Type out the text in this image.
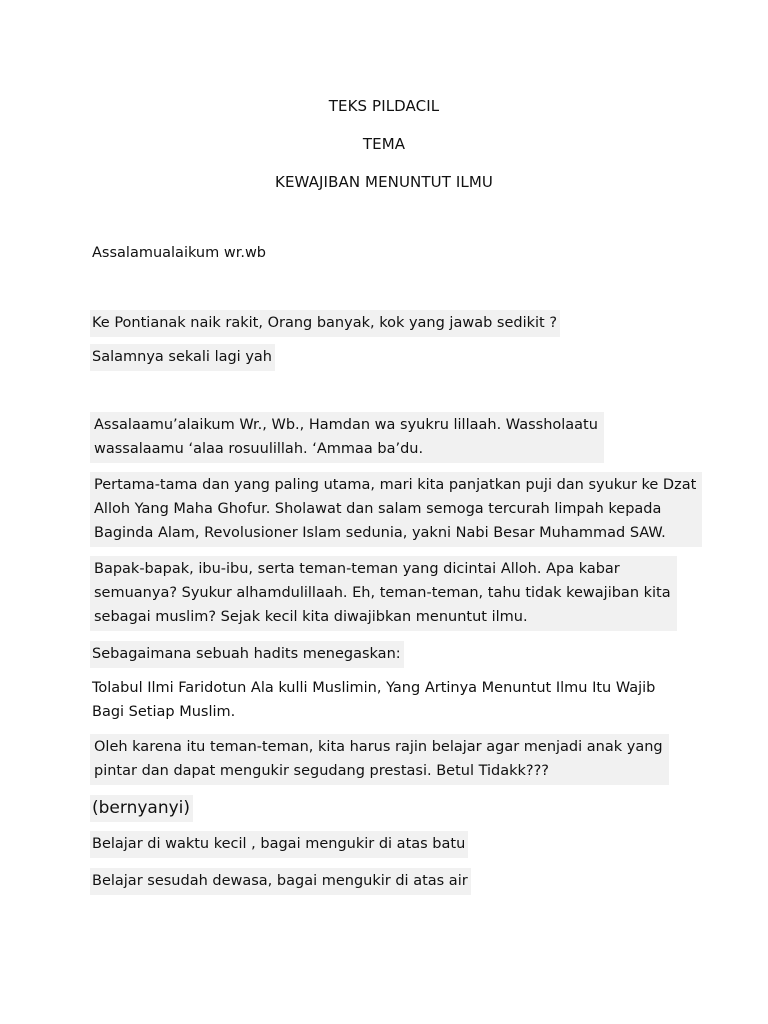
TEKS PILDACIL
TEMA
KEWAJIBAN MENUNTUT ILMU
Assalamualaikum wr.wb
Ke Pontianak naik rakit, Orang banyak, kok yang jawab sedikit ?
Salamnya sekali lagi yah
Assalaamu’alaikum Wr., Wb., Hamdan wa syukru lillaah. Wassholaatu
wassalaamu ‘alaa rosuulillah. ‘Ammaa ba’du.
Pertama-tama dan yang paling utama, mari kita panjatkan puji dan syukur ke Dzat
Alloh Yang Maha Ghofur. Sholawat dan salam semoga tercurah limpah kepada
Baginda Alam, Revolusioner Islam sedunia, yakni Nabi Besar Muhammad SAW.
Bapak-bapak, ibu-ibu, serta teman-teman yang dicintai Alloh. Apa kabar
semuanya? Syukur alhamdulillaah. Eh, teman-teman, tahu tidak kewajiban kita
sebagai muslim? Sejak kecil kita diwajibkan menuntut ilmu.
Sebagaimana sebuah hadits menegaskan:
Tolabul Ilmi Faridotun Ala kulli Muslimin, Yang Artinya Menuntut Ilmu Itu Wajib
Bagi Setiap Muslim.
Oleh karena itu teman-teman, kita harus rajin belajar agar menjadi anak yang
pintar dan dapat mengukir segudang prestasi. Betul Tidakk???
(bernyanyi)
Belajar di waktu kecil , bagai mengukir di atas batu
Belajar sesudah dewasa, bagai mengukir di atas air
